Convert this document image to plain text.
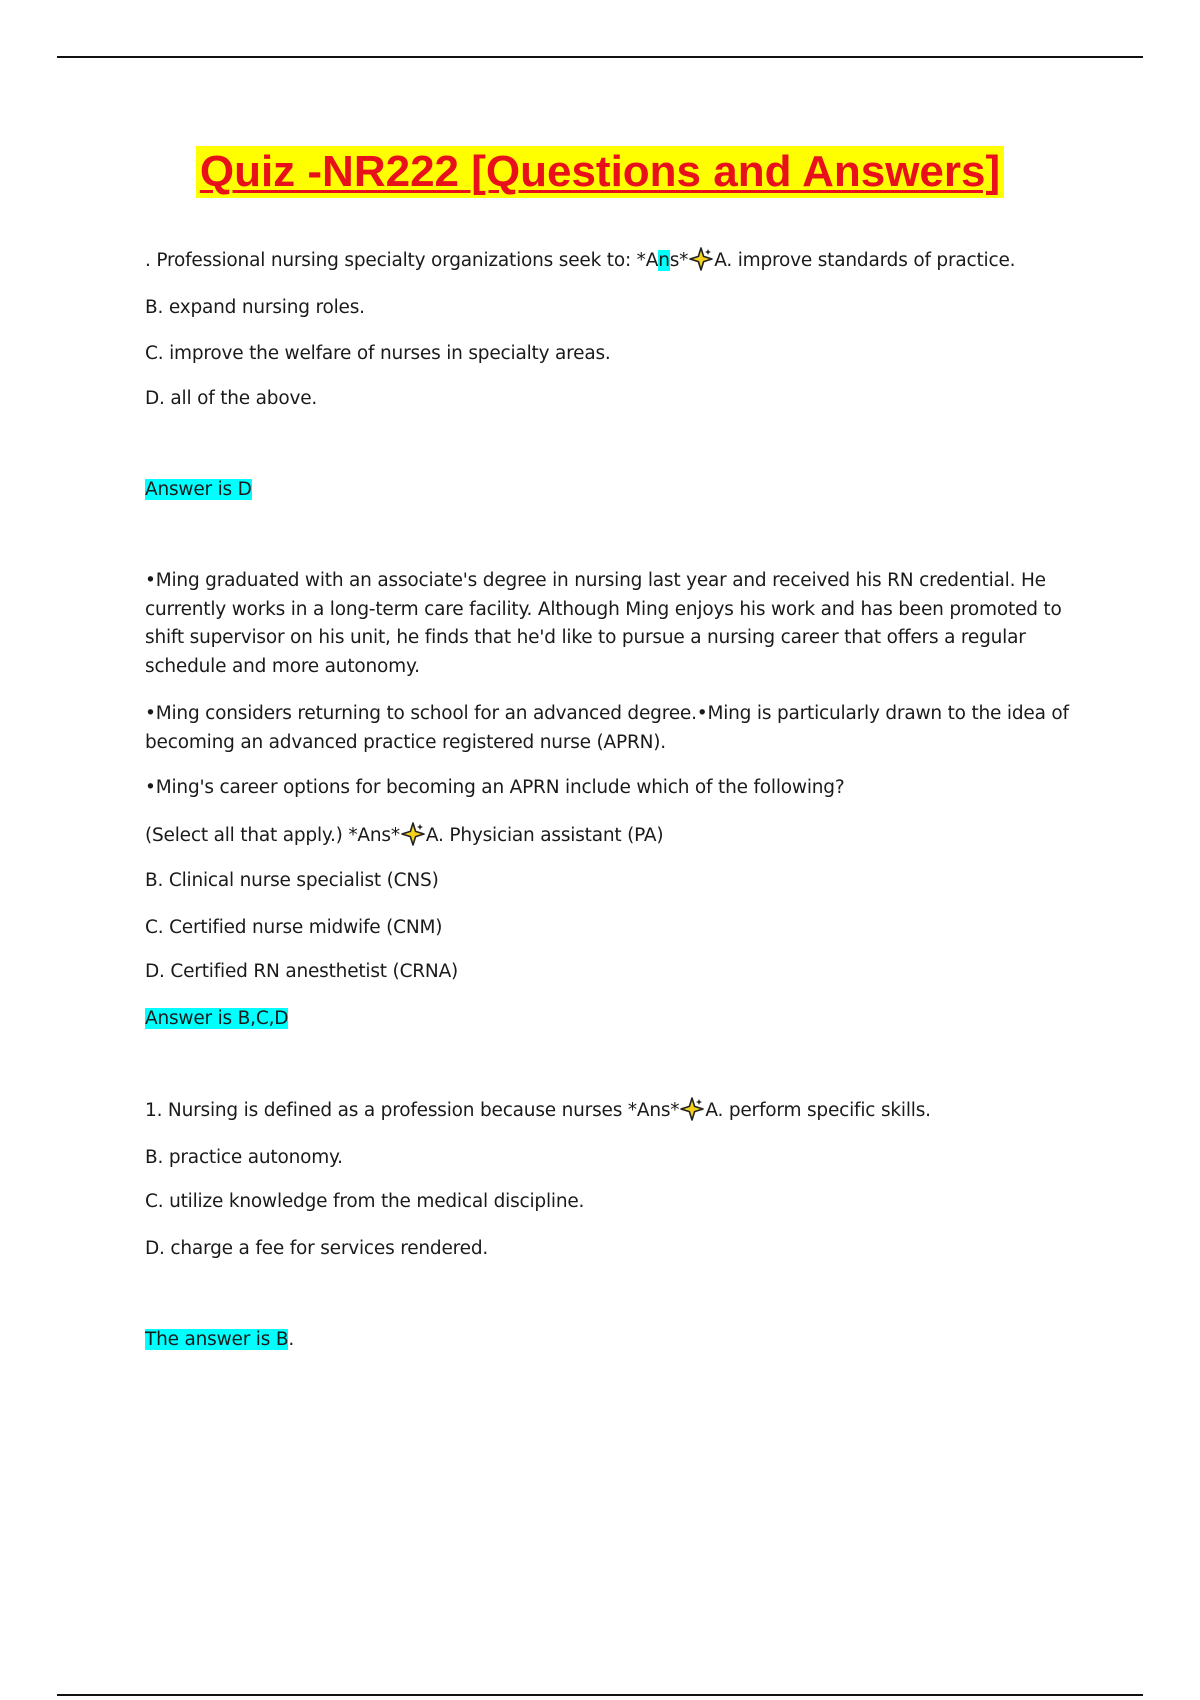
Quiz -NR222 [Questions and Answers]
. Professional nursing specialty organizations seek to: *Ans* A. improve standards of practice.
B. expand nursing roles.
C. improve the welfare of nurses in specialty areas.
D. all of the above.
Answer is D
•Ming graduated with an associate's degree in nursing last year and received his RN credential. He currently works in a long-term care facility. Although Ming enjoys his work and has been promoted to shift supervisor on his unit, he finds that he'd like to pursue a nursing career that offers a regular schedule and more autonomy.
•Ming considers returning to school for an advanced degree.•Ming is particularly drawn to the idea of becoming an advanced practice registered nurse (APRN).
•Ming's career options for becoming an APRN include which of the following?
(Select all that apply.) *Ans* A. Physician assistant (PA)
B. Clinical nurse specialist (CNS)
C. Certified nurse midwife (CNM)
D. Certified RN anesthetist (CRNA)
Answer is B,C,D
1. Nursing is defined as a profession because nurses *Ans* A. perform specific skills.
B. practice autonomy.
C. utilize knowledge from the medical discipline.
D. charge a fee for services rendered.
The answer is B.
